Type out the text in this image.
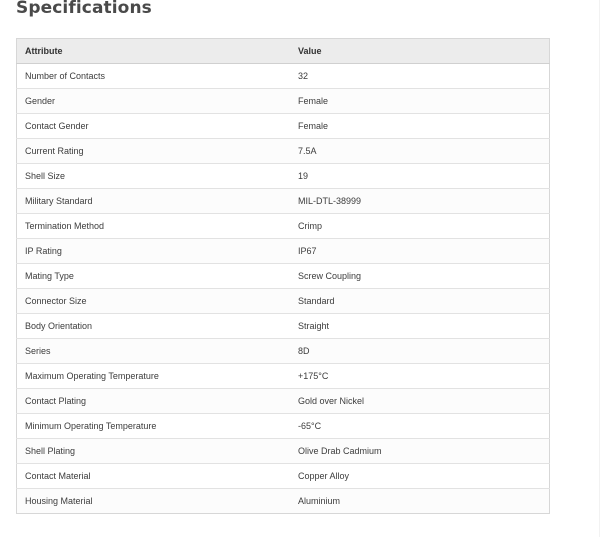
Specifications
Attribute	Value
Number of Contacts	32
Gender	Female
Contact Gender	Female
Current Rating	7.5A
Shell Size	19
Military Standard	MIL-DTL-38999
Termination Method	Crimp
IP Rating	IP67
Mating Type	Screw Coupling
Connector Size	Standard
Body Orientation	Straight
Series	8D
Maximum Operating Temperature	+175°C
Contact Plating	Gold over Nickel
Minimum Operating Temperature	-65°C
Shell Plating	Olive Drab Cadmium
Contact Material	Copper Alloy
Housing Material	Aluminium
